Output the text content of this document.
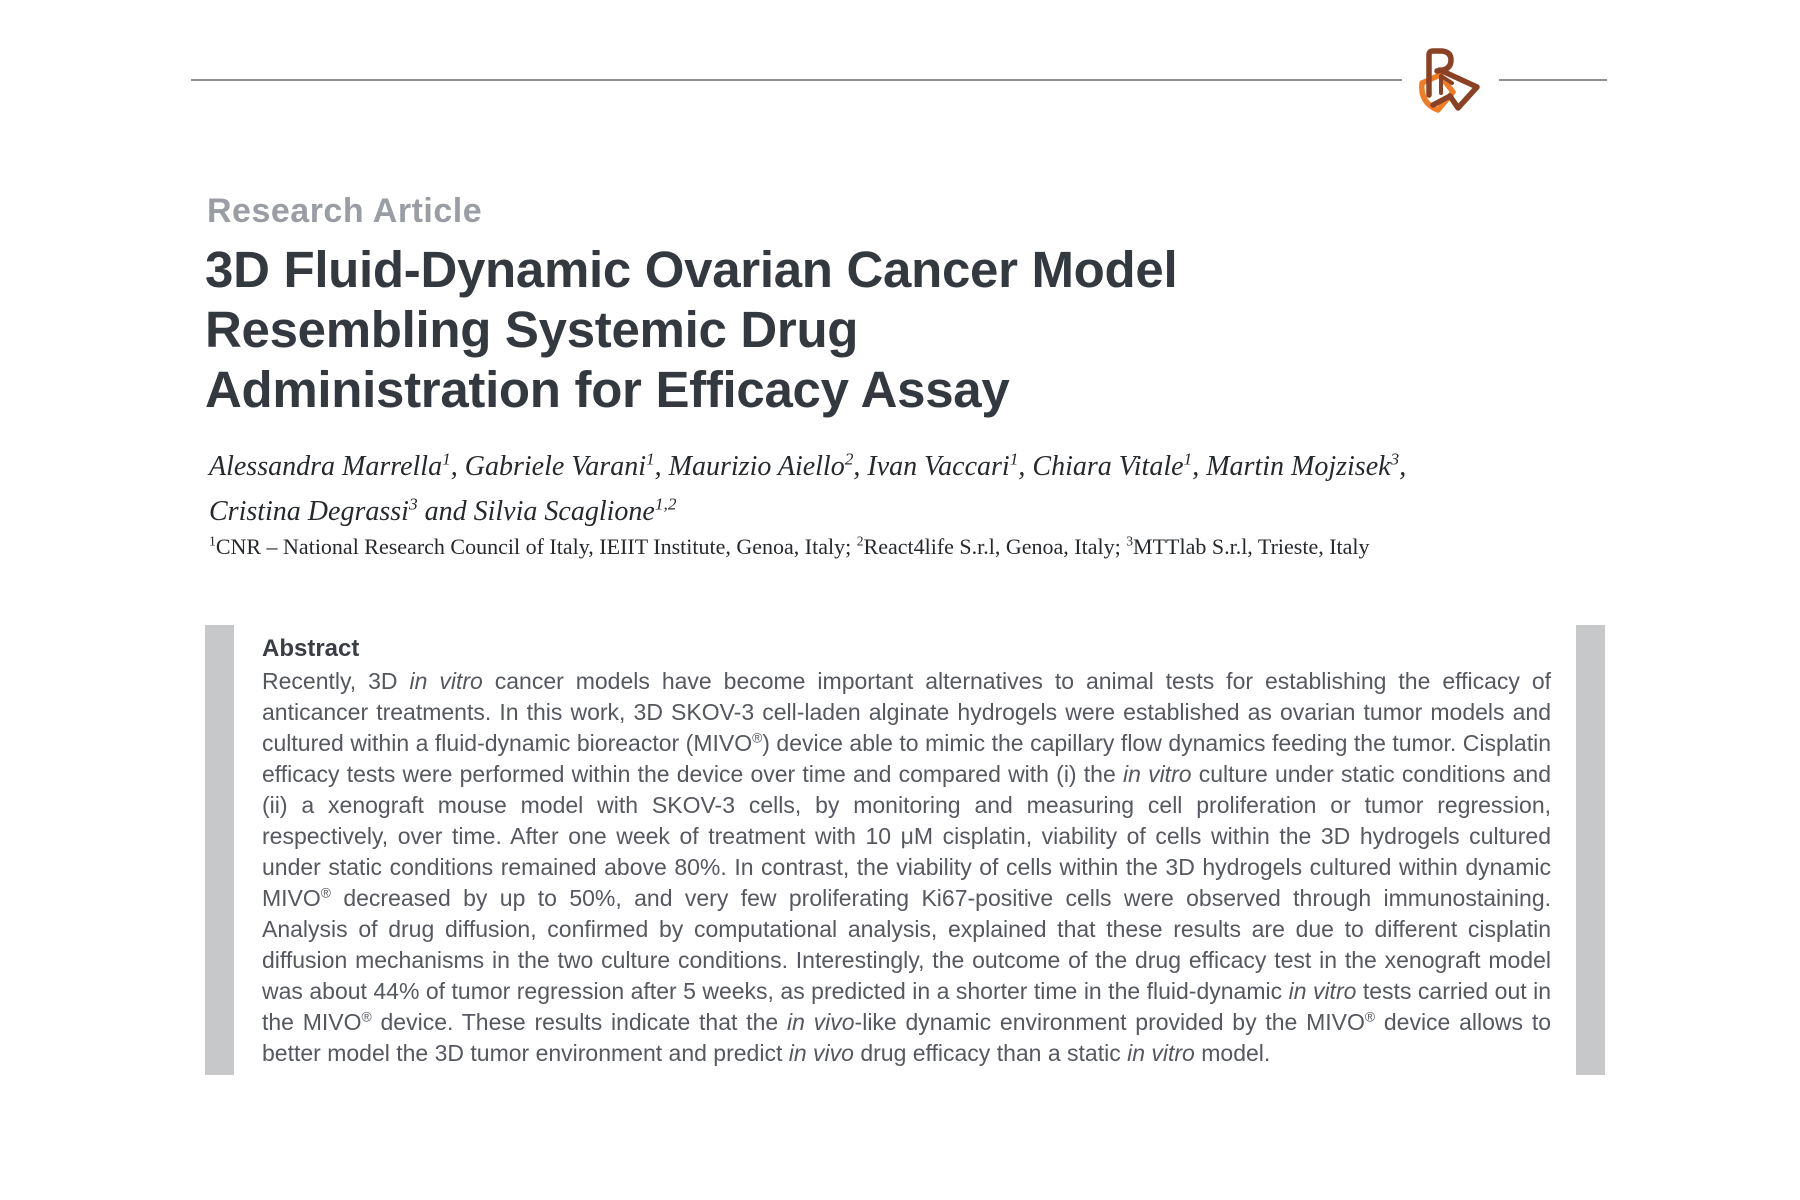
Research Article
3D Fluid-Dynamic Ovarian Cancer Model
Resembling Systemic Drug
Administration for Efficacy Assay
Alessandra Marrella$^1$, Gabriele Varani$^1$, Maurizio Aiello$^2$, Ivan Vaccari$^1$, Chiara Vitale$^1$, Martin Mojzisek$^3$,
Cristina Degrassi$^3$ and Silvia Scaglione$^{1,2}$
$^1$CNR – National Research Council of Italy, IEIIT Institute, Genoa, Italy; $^2$React4life S.r.l, Genoa, Italy; $^3$MTTlab S.r.l, Trieste, Italy
Abstract
Recently, 3D in vitro cancer models have become important alternatives to animal tests for establishing the efficacy of anticancer treatments. In this work, 3D SKOV-3 cell-laden alginate hydrogels were established as ovarian tumor models and cultured within a fluid-dynamic bioreactor (MIVO®) device able to mimic the capillary flow dynamics feeding the tumor. Cisplatin efficacy tests were performed within the device over time and compared with (i) the in vitro culture under static conditions and (ii) a xenograft mouse model with SKOV-3 cells, by monitoring and measuring cell proliferation or tumor regression, respectively, over time. After one week of treatment with 10 μM cisplatin, viability of cells within the 3D hydrogels cultured under static conditions remained above 80%. In contrast, the viability of cells within the 3D hydrogels cultured within dynamic MIVO® decreased by up to 50%, and very few proliferating Ki67-positive cells were observed through immunostaining. Analysis of drug diffusion, confirmed by computational analysis, explained that these results are due to different cisplatin diffusion mechanisms in the two culture conditions. Interestingly, the outcome of the drug efficacy test in the xenograft model was about 44% of tumor regression after 5 weeks, as predicted in a shorter time in the fluid-dynamic in vitro tests carried out in the MIVO® device. These results indicate that the in vivo-like dynamic environment provided by the MIVO® device allows to better model the 3D tumor environment and predict in vivo drug efficacy than a static in vitro model.
